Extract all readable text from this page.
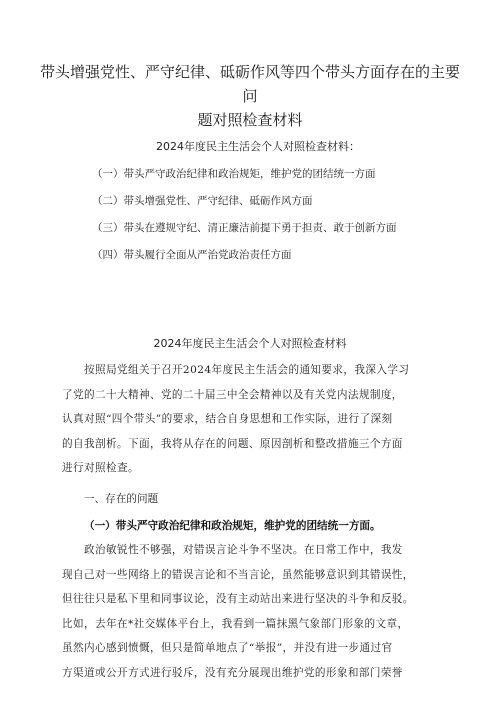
带头增强党性、严守纪律、砥砺作风等四个带头方面存在的主要问
题对照检查材料
2024年度民主生活会个人对照检查材料：
（一）带头严守政治纪律和政治规矩，维护党的团结统一方面
（二）带头增强党性、严守纪律、砥砺作风方面
（三）带头在遵规守纪、清正廉洁前提下勇于担责、敢于创新方面
（四）带头履行全面从严治党政治责任方面
2024年度民主生活会个人对照检查材料

　　按照局党组关于召开2024年度民主生活会的通知要求，我深入学习
了党的二十大精神、党的二十届三中全会精神以及有关党内法规制度，
认真对照“四个带头”的要求，结合自身思想和工作实际，进行了深刻
的自我剖析。下面，我将从存在的问题、原因剖析和整改措施三个方面
进行对照检查。

一、存在的问题
（一）带头严守政治纪律和政治规矩，维护党的团结统一方面。

　　政治敏锐性不够强，对错误言论斗争不坚决。在日常工作中，我发
现自己对一些网络上的错误言论和不当言论，虽然能够意识到其错误性，
但往往只是私下里和同事议论，没有主动站出来进行坚决的斗争和反驳。
比如，去年在*社交媒体平台上，我看到一篇抹黑气象部门形象的文章，
虽然内心感到愤慨，但只是简单地点了“举报”，并没有进一步通过官
方渠道或公开方式进行驳斥，没有充分展现出维护党的形象和部门荣誉
